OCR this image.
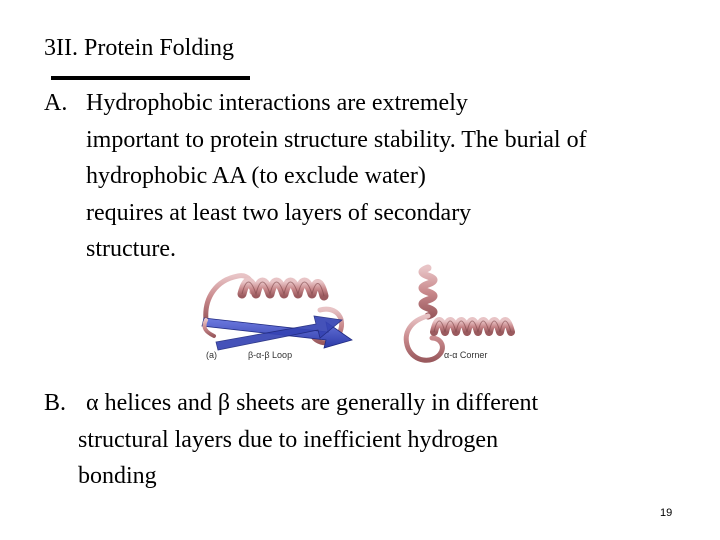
3II. Protein Folding
A. Hydrophobic interactions are extremely
important to protein structure stability. The burial of
hydrophobic AA (to exclude water)
requires at least two layers of secondary
structure.
(a)	β-α-β Loop	α-α Corner
B. α helices and β sheets are generally in different
structural layers due to inefficient hydrogen
bonding
19
